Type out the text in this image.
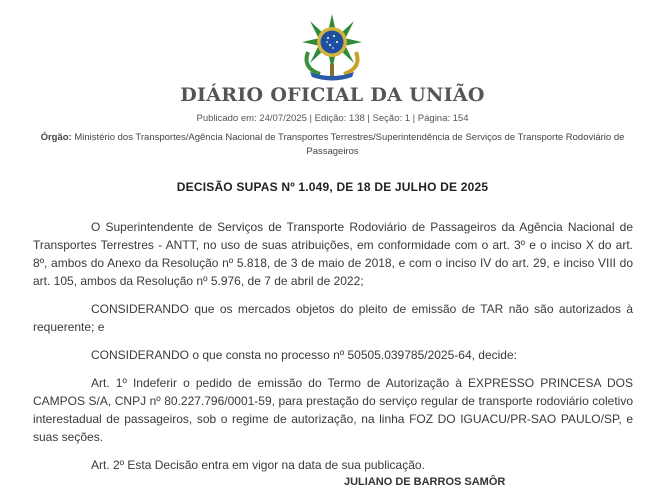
DIÁRIO OFICIAL DA UNIÃO
Publicado em: 24/07/2025 | Edição: 138 | Seção: 1 | Página: 154
Órgão: Ministério dos Transportes/Agência Nacional de Transportes Terrestres/Superintendência de Serviços de Transporte Rodoviário de Passageiros
DECISÃO SUPAS Nº 1.049, DE 18 DE JULHO DE 2025

O Superintendente de Serviços de Transporte Rodoviário de Passageiros da Agência Nacional de Transportes Terrestres - ANTT, no uso de suas atribuições, em conformidade com o art. 3º e o inciso X do art. 8º, ambos do Anexo da Resolução nº 5.818, de 3 de maio de 2018, e com o inciso IV do art. 29, e inciso VIII do art. 105, ambos da Resolução nº 5.976, de 7 de abril de 2022;

CONSIDERANDO que os mercados objetos do pleito de emissão de TAR não são autorizados à requerente; e

CONSIDERANDO o que consta no processo nº 50505.039785/2025-64, decide:

Art. 1º Indeferir o pedido de emissão do Termo de Autorização à EXPRESSO PRINCESA DOS CAMPOS S/A, CNPJ nº 80.227.796/0001-59, para prestação do serviço regular de transporte rodoviário coletivo interestadual de passageiros, sob o regime de autorização, na linha FOZ DO IGUACU/PR-SAO PAULO/SP, e suas seções.

Art. 2º Esta Decisão entra em vigor na data de sua publicação.

JULIANO DE BARROS SAMÔR
